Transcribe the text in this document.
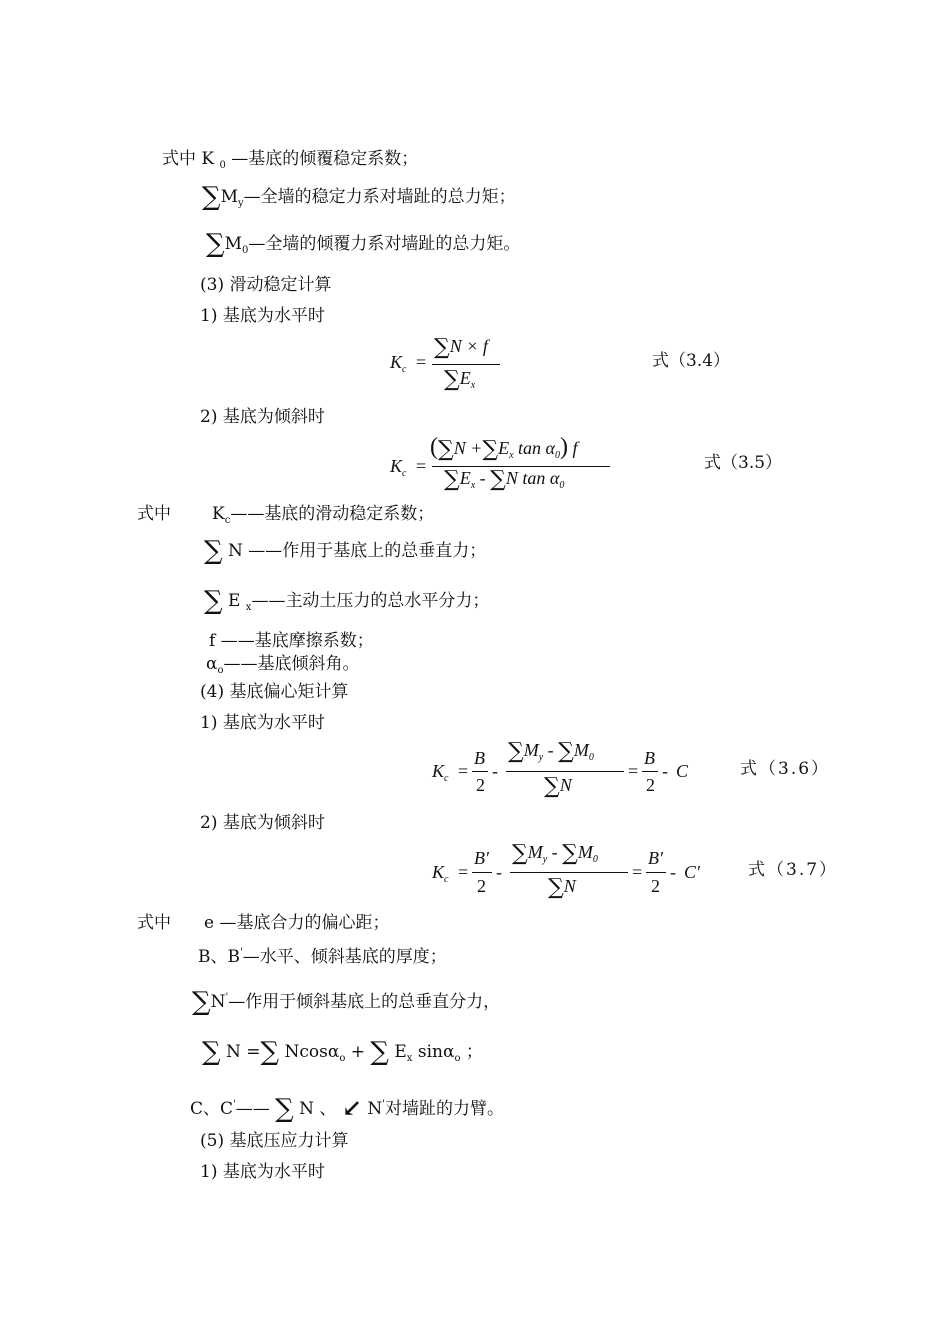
式中 K $_0$ —基底的倾覆稳定系数；
$\sum M_y—$全墙的稳定力系对墙趾的总力矩；
$\sum M_0—$全墙的倾覆力系对墙趾的总力矩。
(3) 滑动稳定计算
1) 基底为水平时
$K_c$ =
∑N × f
$\sum E_x$
式（3.4）
2) 基底为倾斜时
$K_c$ =
($\sum N +\sum E_x$ $\tan \alpha_0$) f
$\sum E_x - \sum N$ $\tan \alpha_0$
式（3.5）
式中 $K_c——$基底的滑动稳定系数；
∑ N ——作用于基底上的总垂直力；
∑ E $_x$——主动土压力的总水平分力；
f ——基底摩擦系数；
$\alpha_o——$基底倾斜角。
(4) 基底偏心矩计算
1) 基底为水平时
$K_c$ =
B
2
-
$\sum M_y - \sum M_0$
∑N
=
B
2
- C	式（3.6）
2) 基底为倾斜时
$K_c$ =
B′
2
-
$\sum M_y - \sum M_0$
∑N
=
B′
2
- C′	式（3.7）
式中 e —基底合力的偏心距；
B、B'—水平、倾斜基底的厚度；
∑N'—作用于倾斜基底上的总垂直分力，
∑ N =∑ Ncosα$_o$ + ∑ $E_x$ sinα$_o$ ；
C、C'—— ∑ N 、 ↙ N'对墙趾的力臂。
(5) 基底压应力计算
1) 基底为水平时
